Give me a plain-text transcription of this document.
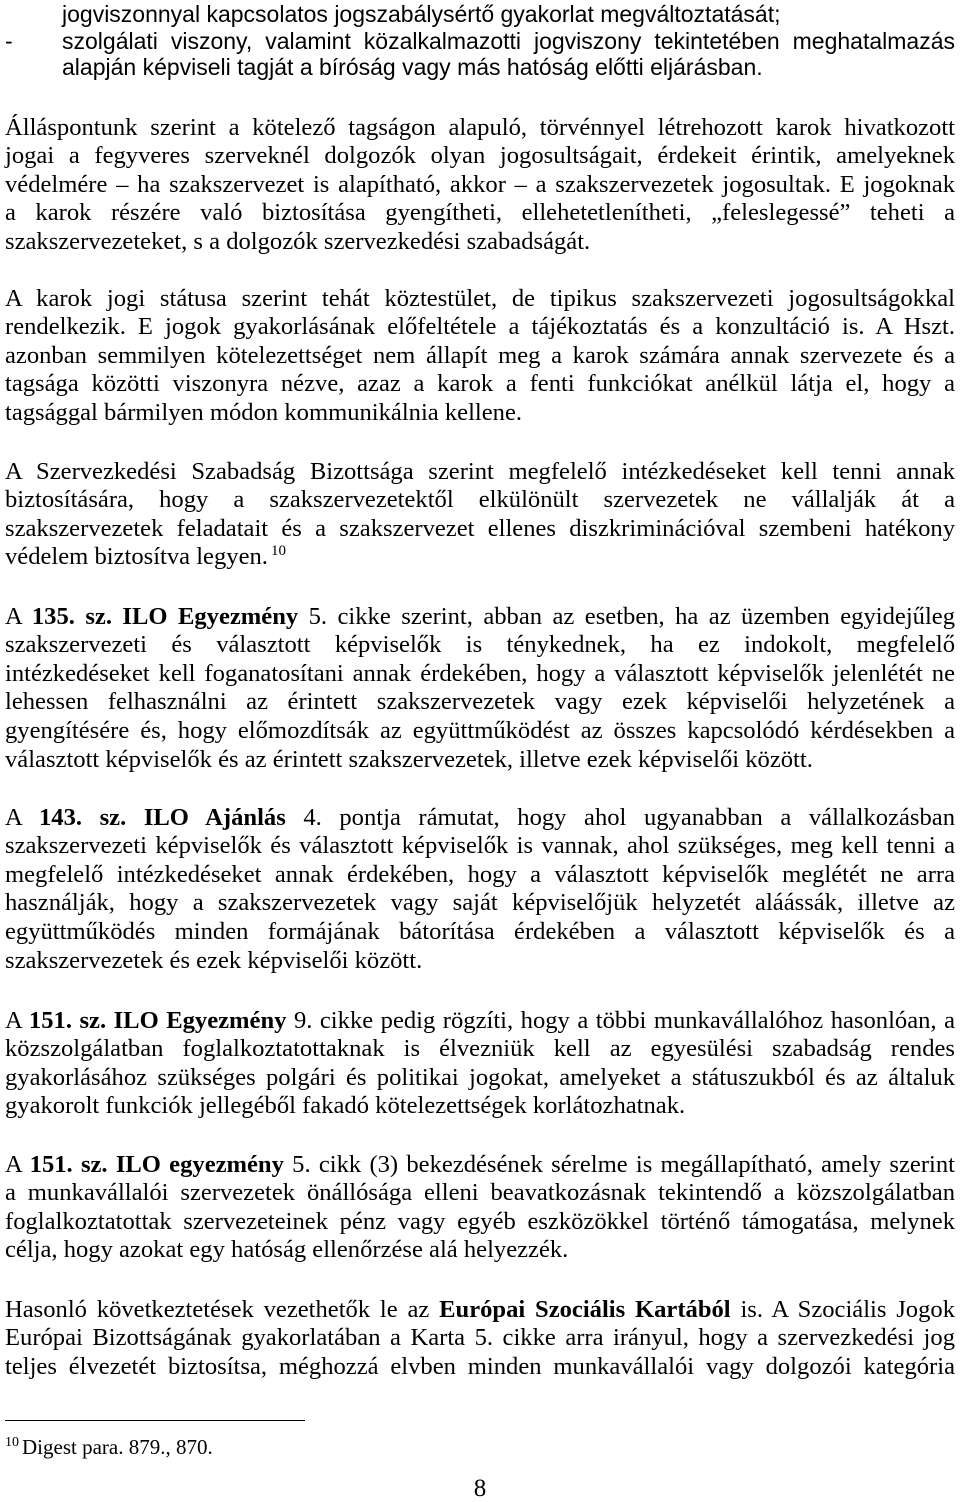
-
jogviszonnyal kapcsolatos jogszabálysértő gyakorlat megváltoztatását;
szolgálati viszony, valamint közalkalmazotti jogviszony tekintetében meghatalmazás
alapján képviseli tagját a bíróság vagy más hatóság előtti eljárásban.
Álláspontunk szerint a kötelező tagságon alapuló, törvénnyel létrehozott karok hivatkozott
jogai a fegyveres szerveknél dolgozók olyan jogosultságait, érdekeit érintik, amelyeknek
védelmére – ha szakszervezet is alapítható, akkor – a szakszervezetek jogosultak. E jogoknak
a karok részére való biztosítása gyengítheti, ellehetetlenítheti, „feleslegessé” teheti a
szakszervezeteket, s a dolgozók szervezkedési szabadságát.
A karok jogi státusa szerint tehát köztestület, de tipikus szakszervezeti jogosultságokkal
rendelkezik. E jogok gyakorlásának előfeltétele a tájékoztatás és a konzultáció is. A Hszt.
azonban semmilyen kötelezettséget nem állapít meg a karok számára annak szervezete és a
tagsága közötti viszonyra nézve, azaz a karok a fenti funkciókat anélkül látja el, hogy a
tagsággal bármilyen módon kommunikálnia kellene.
A Szervezkedési Szabadság Bizottsága szerint megfelelő intézkedéseket kell tenni annak
biztosítására, hogy a szakszervezetektől elkülönült szervezetek ne vállalják át a
szakszervezetek feladatait és a szakszervezet ellenes diszkriminációval szembeni hatékony
védelem biztosítva legyen. $^{10}$
A 135. sz. ILO Egyezmény 5. cikke szerint, abban az esetben, ha az üzemben egyidejűleg
szakszervezeti és választott képviselők is ténykednek, ha ez indokolt, megfelelő
intézkedéseket kell foganatosítani annak érdekében, hogy a választott képviselők jelenlétét ne
lehessen felhasználni az érintett szakszervezetek vagy ezek képviselői helyzetének a
gyengítésére és, hogy előmozdítsák az együttműködést az összes kapcsolódó kérdésekben a
választott képviselők és az érintett szakszervezetek, illetve ezek képviselői között.
A 143. sz. ILO Ajánlás 4. pontja rámutat, hogy ahol ugyanabban a vállalkozásban
szakszervezeti képviselők és választott képviselők is vannak, ahol szükséges, meg kell tenni a
megfelelő intézkedéseket annak érdekében, hogy a választott képviselők meglétét ne arra
használják, hogy a szakszervezetek vagy saját képviselőjük helyzetét aláássák, illetve az
együttműködés minden formájának bátorítása érdekében a választott képviselők és a
szakszervezetek és ezek képviselői között.
A 151. sz. ILO Egyezmény 9. cikke pedig rögzíti, hogy a többi munkavállalóhoz hasonlóan, a
közszolgálatban foglalkoztatottaknak is élvezniük kell az egyesülési szabadság rendes
gyakorlásához szükséges polgári és politikai jogokat, amelyeket a státuszukból és az általuk
gyakorolt funkciók jellegéből fakadó kötelezettségek korlátozhatnak.
A 151. sz. ILO egyezmény 5. cikk (3) bekezdésének sérelme is megállapítható, amely szerint
a munkavállalói szervezetek önállósága elleni beavatkozásnak tekintendő a közszolgálatban
foglalkoztatottak szervezeteinek pénz vagy egyéb eszközökkel történő támogatása, melynek
célja, hogy azokat egy hatóság ellenőrzése alá helyezzék.
Hasonló következtetések vezethetők le az Európai Szociális Kartából is. A Szociális Jogok
Európai Bizottságának gyakorlatában a Karta 5. cikke arra irányul, hogy a szervezkedési jog
teljes élvezetét biztosítsa, méghozzá elvben minden munkavállalói vagy dolgozói kategória
$^{10}$ Digest para. 879., 870.
8
